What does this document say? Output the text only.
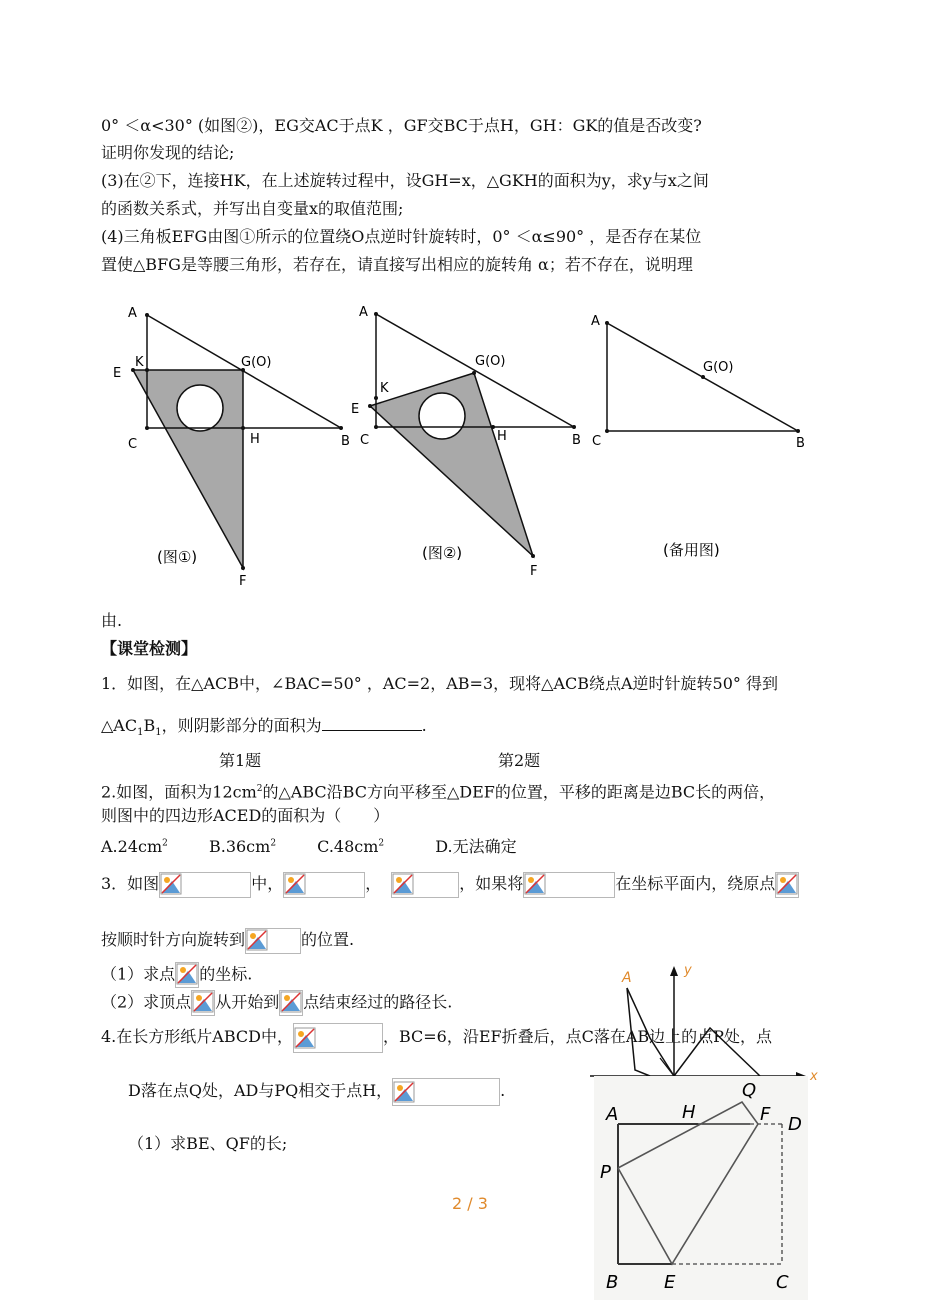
0° ＜α<30° (如图②)，EG交AC于点K ，GF交BC于点H，GH：GK的值是否改变?
证明你发现的结论;
(3)在②下，连接HK，在上述旋转过程中，设GH=x，△GKH的面积为y，求y与x之间
的函数关系式，并写出自变量x的取值范围;
(4)三角板EFG由图①所示的位置绕O点逆时针旋转时，0° ＜α≤90° ，是否存在某位
置使△BFG是等腰三角形，若存在，请直接写出相应的旋转角 α；若不存在，说明理
A
E
K	G(O)
C	H	B
F
(图①)
A
K
G(O)
E
C	H	B
F
(图②)
A
G(O)
C	B
(备用图)
由.
【课堂检测】
1．如图，在△ACB中，∠BAC=50° ，AC=2，AB=3，现将△ACB绕点A逆时针旋转50° 得到
$\triangle AC_1B_1$，则阴影部分的面积为	.
第1题	第2题
2.如图，面积为$12cm^2$的△ABC沿BC方向平移至△DEF的位置，平移的距离是边BC长的两倍，
则图中的四边形ACED的面积为（　　）
$A.24cm^2$	$B.36cm^2$	$C.48cm^2$	D.无法确定
3．如图	中，	，	，如果将	在坐标平面内，绕原点
按顺时针方向旋转到	的位置.
（1）求点 的坐标.
（2）求顶点 从开始到 点结束经过的路径长.
A	y
x
4.在长方形纸片ABCD中，	，BC=6，沿EF折叠后，点C落在AB边上的点P处，点
D落在点Q处，AD与PQ相交于点H，	.
（1）求BE、QF的长;
A	H
Q
F D
P
B	E	C
2 / 3
